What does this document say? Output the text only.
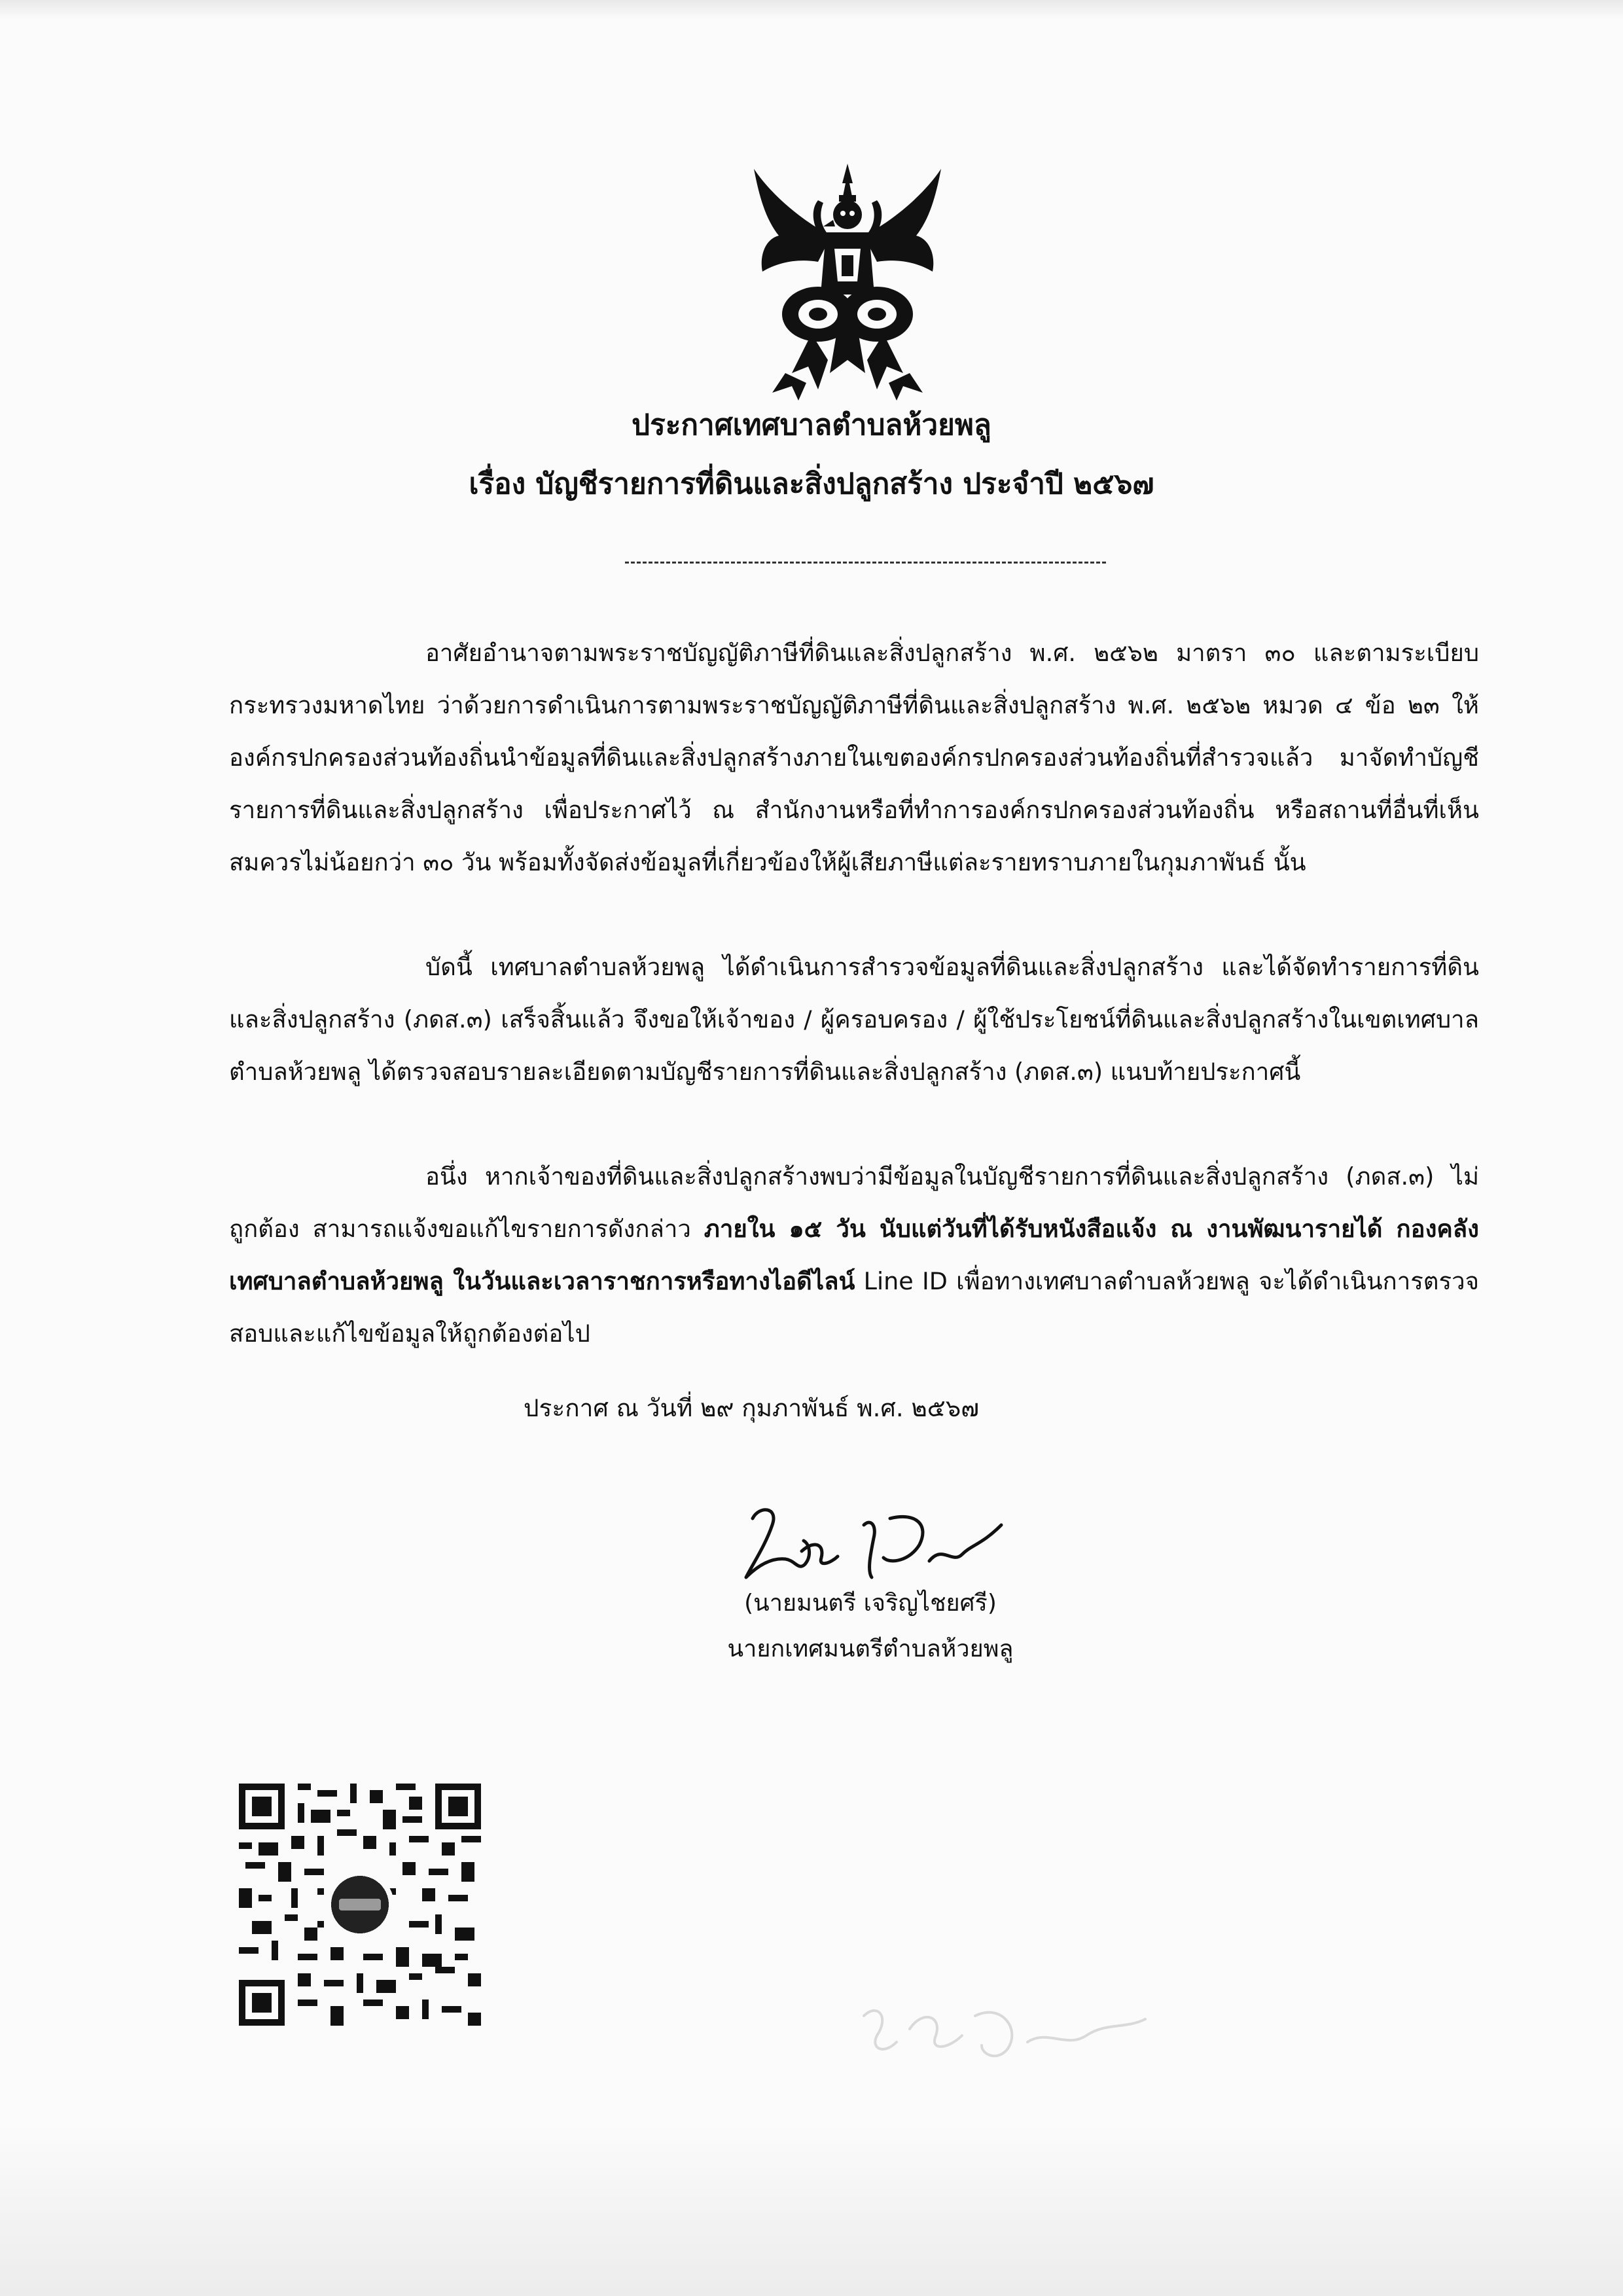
ประกาศเทศบาลตำบลห้วยพลู
เรื่อง บัญชีรายการที่ดินและสิ่งปลูกสร้าง ประจำปี ๒๕๖๗

อาศัยอำนาจตามพระราชบัญญัติภาษีที่ดินและสิ่งปลูกสร้าง พ.ศ. ๒๕๖๒ มาตรา ๓๐ และตามระเบียบกระทรวงมหาดไทย ว่าด้วยการดำเนินการตามพระราชบัญญัติภาษีที่ดินและสิ่งปลูกสร้าง พ.ศ. ๒๕๖๒ หมวด ๔ ข้อ ๒๓ ให้องค์กรปกครองส่วนท้องถิ่นนำข้อมูลที่ดินและสิ่งปลูกสร้างภายในเขตองค์กรปกครองส่วนท้องถิ่นที่สำรวจแล้ว มาจัดทำบัญชีรายการที่ดินและสิ่งปลูกสร้าง เพื่อประกาศไว้ ณ สำนักงานหรือที่ทำการองค์กรปกครองส่วนท้องถิ่น หรือสถานที่อื่นที่เห็นสมควรไม่น้อยกว่า ๓๐ วัน พร้อมทั้งจัดส่งข้อมูลที่เกี่ยวข้องให้ผู้เสียภาษีแต่ละรายทราบภายในกุมภาพันธ์ นั้น

บัดนี้ เทศบาลตำบลห้วยพลู ได้ดำเนินการสำรวจข้อมูลที่ดินและสิ่งปลูกสร้าง และได้จัดทำรายการที่ดินและสิ่งปลูกสร้าง (ภดส.๓) เสร็จสิ้นแล้ว จึงขอให้เจ้าของ / ผู้ครอบครอง / ผู้ใช้ประโยชน์ที่ดินและสิ่งปลูกสร้างในเขตเทศบาลตำบลห้วยพลู ได้ตรวจสอบรายละเอียดตามบัญชีรายการที่ดินและสิ่งปลูกสร้าง (ภดส.๓) แนบท้ายประกาศนี้

อนึ่ง หากเจ้าของที่ดินและสิ่งปลูกสร้างพบว่ามีข้อมูลในบัญชีรายการที่ดินและสิ่งปลูกสร้าง (ภดส.๓) ไม่ถูกต้อง สามารถแจ้งขอแก้ไขรายการดังกล่าว ภายใน ๑๕ วัน นับแต่วันที่ได้รับหนังสือแจ้ง ณ งานพัฒนารายได้ กองคลัง เทศบาลตำบลห้วยพลู ในวันและเวลาราชการหรือทางไอดีไลน์ Line ID เพื่อทางเทศบาลตำบลห้วยพลู จะได้ดำเนินการตรวจสอบและแก้ไขข้อมูลให้ถูกต้องต่อไป

ประกาศ ณ วันที่ ๒๙ กุมภาพันธ์ พ.ศ. ๒๕๖๗
(นายมนตรี เจริญไชยศรี)
นายกเทศมนตรีตำบลห้วยพลู
